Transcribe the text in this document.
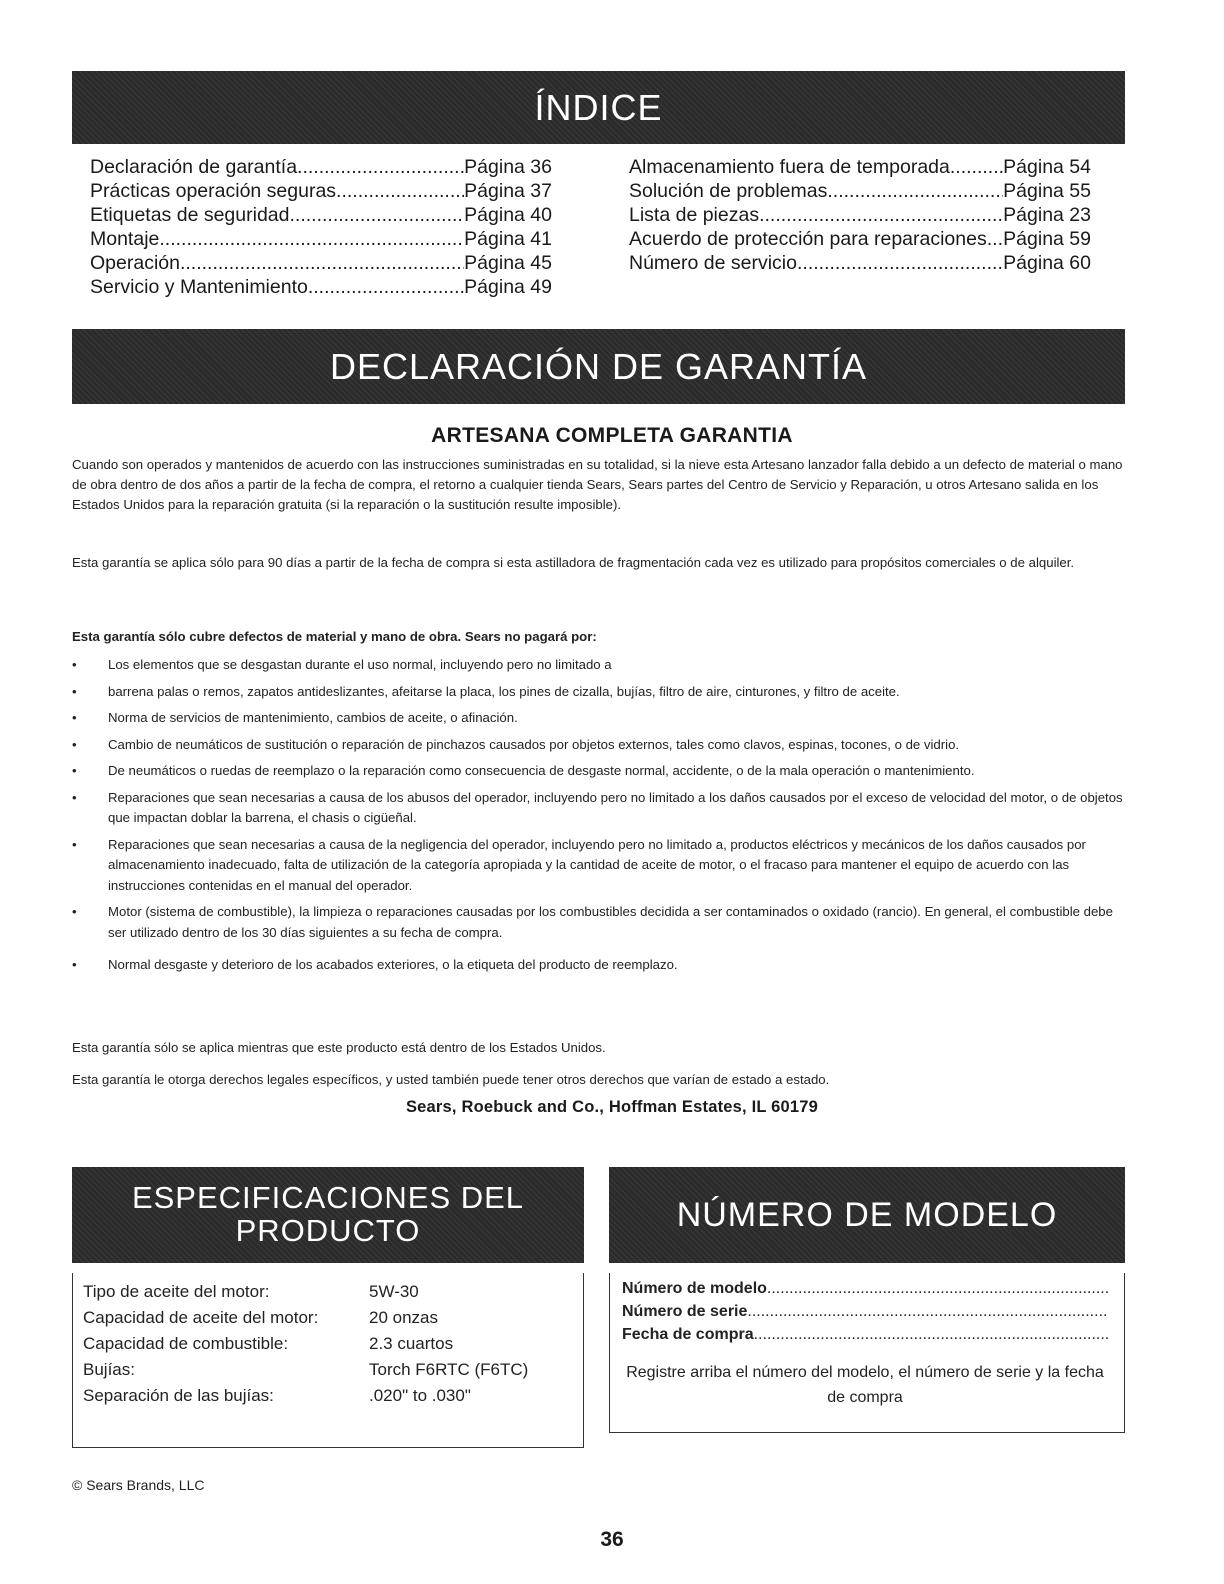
ÍNDICE
Declaración de garantía .....	Página 36
Prácticas operación seguras .....	Página 37
Etiquetas de seguridad .....	Página 40
Montaje .....	Página 41
Operación .....	Página 45
Servicio y Mantenimiento .....	Página 49
Almacenamiento fuera de temporada .....	Página 54
Solución de problemas .....	Página 55
Lista de piezas .....	Página 23
Acuerdo de protección para reparaciones ..... Página 59
Número de servicio .....	Página 60
DECLARACIÓN DE GARANTÍA
ARTESANA COMPLETA GARANTIA

Cuando son operados y mantenidos de acuerdo con las instrucciones suministradas en su totalidad, si la nieve esta Artesano lanzador falla debido a un defecto de material o mano de obra dentro de dos años a partir de la fecha de compra, el retorno a cualquier tienda Sears, Sears partes del Centro de Servicio y Reparación, u otros Artesano salida en los Estados Unidos para la reparación gratuita (si la reparación o la sustitución resulte imposible).

Esta garantía se aplica sólo para 90 días a partir de la fecha de compra si esta astilladora de fragmentación cada vez es utilizado para propósitos comerciales o de alquiler.

Esta garantía sólo cubre defectos de material y mano de obra. Sears no pagará por:

• Los elementos que se desgastan durante el uso normal, incluyendo pero no limitado a
• barrena palas o remos, zapatos antideslizantes, afeitarse la placa, los pines de cizalla, bujías, filtro de aire, cinturones, y filtro de aceite.
• Norma de servicios de mantenimiento, cambios de aceite, o afinación.
• Cambio de neumáticos de sustitución o reparación de pinchazos causados por objetos externos, tales como clavos, espinas, tocones, o de vidrio.
• De neumáticos o ruedas de reemplazo o la reparación como consecuencia de desgaste normal, accidente, o de la mala operación o mantenimiento.
• Reparaciones que sean necesarias a causa de los abusos del operador, incluyendo pero no limitado a los daños causados por el exceso de velocidad del motor, o de objetos que impactan doblar la barrena, el chasis o cigüeñal.
• Reparaciones que sean necesarias a causa de la negligencia del operador, incluyendo pero no limitado a, productos eléctricos y mecánicos de los daños causados por almacenamiento inadecuado, falta de utilización de la categoría apropiada y la cantidad de aceite de motor, o el fracaso para mantener el equipo de acuerdo con las instrucciones contenidas en el manual del operador.
• Motor (sistema de combustible), la limpieza o reparaciones causadas por los combustibles decidida a ser contaminados o oxidado (rancio). En general, el combustible debe ser utilizado dentro de los 30 días siguientes a su fecha de compra.
• Normal desgaste y deterioro de los acabados exteriores, o la etiqueta del producto de reemplazo.

Esta garantía sólo se aplica mientras que este producto está dentro de los Estados Unidos.

Esta garantía le otorga derechos legales específicos, y usted también puede tener otros derechos que varían de estado a estado.

Sears, Roebuck and Co., Hoffman Estates, IL 60179
ESPECIFICACIONES DEL
PRODUCTO
Tipo de aceite del motor:	5W-30
Capacidad de aceite del motor:	20 onzas
Capacidad de combustible:	2.3 cuartos
Bujías:	Torch F6RTC (F6TC)
Separación de las bujías:	.020" to .030"
NÚMERO DE MODELO
Número de modelo
.....
Número de serie
.....
Fecha de compra
.....

Registre arriba el número del modelo, el número de serie y la fecha de compra

© Sears Brands, LLC
36
